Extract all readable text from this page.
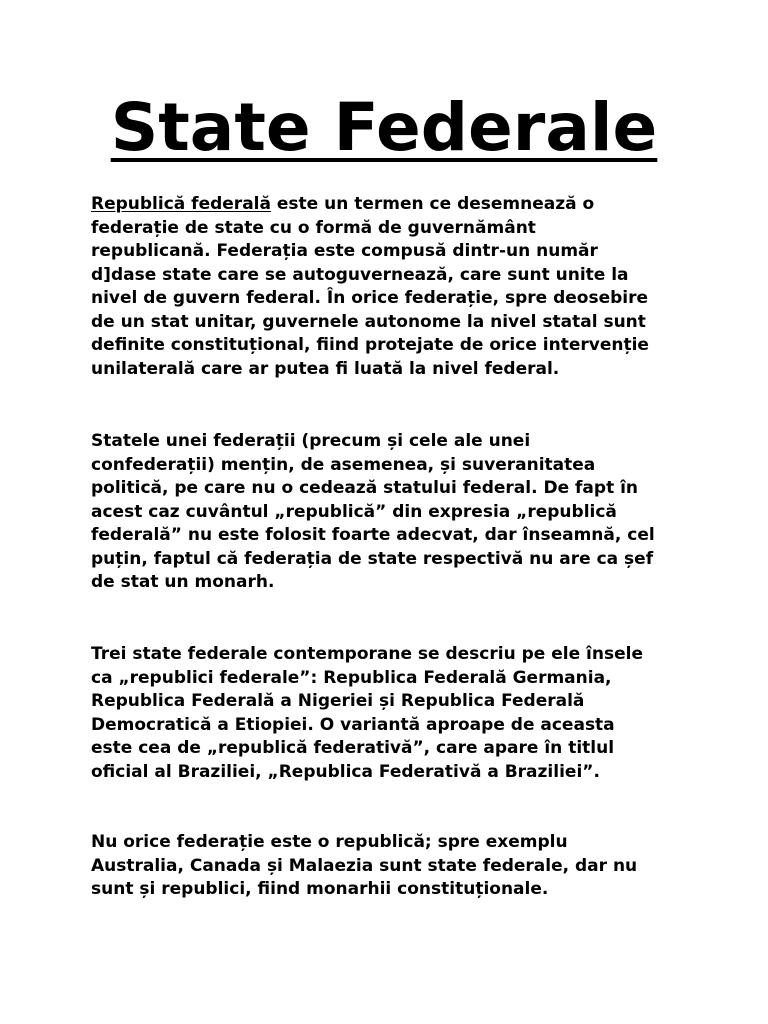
State Federale

Republică federală este un termen ce desemnează o
federație de state cu o formă de guvernământ
republicană. Federația este compusă dintr-un număr
d]dase state care se autoguvernează, care sunt unite la
nivel de guvern federal. În orice federație, spre deosebire
de un stat unitar, guvernele autonome la nivel statal sunt
definite constituțional, fiind protejate de orice intervenție
unilaterală care ar putea fi luată la nivel federal.

Statele unei federații (precum și cele ale unei
confederații) mențin, de asemenea, și suveranitatea
politică, pe care nu o cedează statului federal. De fapt în
acest caz cuvântul „republică” din expresia „republică
federală” nu este folosit foarte adecvat, dar înseamnă, cel
puțin, faptul că federația de state respectivă nu are ca șef
de stat un monarh.

Trei state federale contemporane se descriu pe ele însele
ca „republici federale”: Republica Federală Germania,
Republica Federală a Nigeriei și Republica Federală
Democratică a Etiopiei. O variantă aproape de aceasta
este cea de „republică federativă”, care apare în titlul
oficial al Braziliei, „Republica Federativă a Braziliei”.

Nu orice federație este o republică; spre exemplu
Australia, Canada și Malaezia sunt state federale, dar nu
sunt și republici, fiind monarhii constituționale.
